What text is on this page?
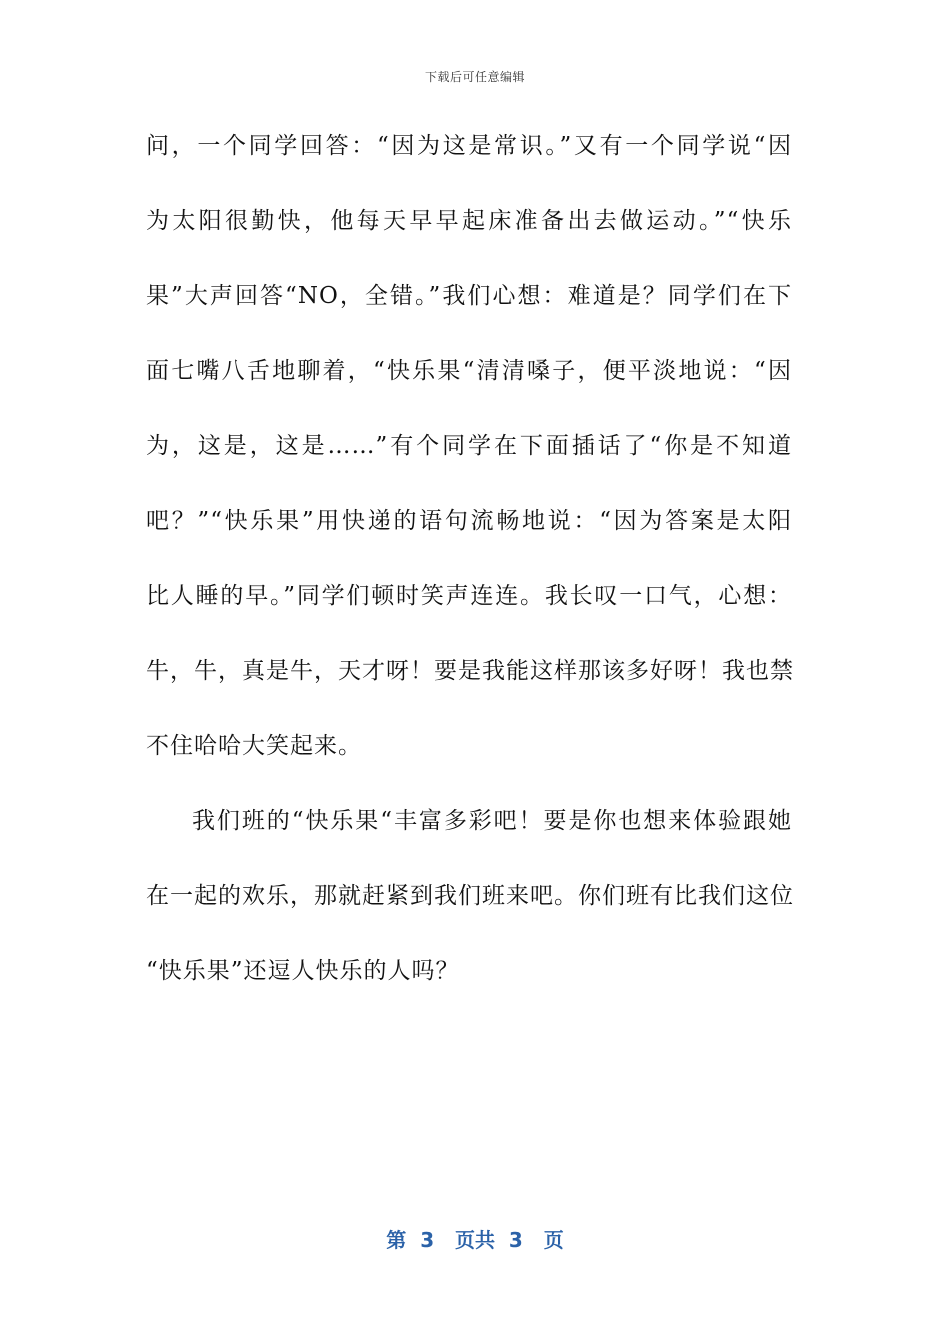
下载后可任意编辑
问，一个同学回答：“因为这是常识。”又有一个同学说“因
为太阳很勤快，他每天早早起床准备出去做运动。”“快乐
果”大声回答“NO，全错。”我们心想：难道是？同学们在下
面七嘴八舌地聊着，“快乐果“清清嗓子，便平淡地说：“因
为，这是，这是……”有个同学在下面插话了“你是不知道
吧？”“快乐果”用快递的语句流畅地说：“因为答案是太阳
比人睡的早。”同学们顿时笑声连连。我长叹一口气，心想：
牛，牛，真是牛，天才呀！要是我能这样那该多好呀！我也禁
不住哈哈大笑起来。
我们班的“快乐果“丰富多彩吧！要是你也想来体验跟她
在一起的欢乐，那就赶紧到我们班来吧。你们班有比我们这位
“快乐果”还逗人快乐的人吗？
第  3   页共  3   页
